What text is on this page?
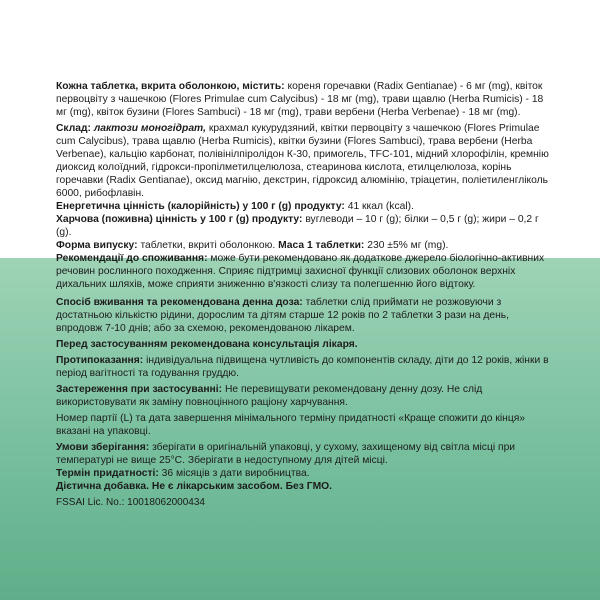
Кожна таблетка, вкрита оболонкою, містить: кореня горечавки (Radix Gentianae) - 6 мг (mg), квіток первоцвіту з чашечкою (Flores Primulae cum Calycibus) - 18 мг (mg), трави щавлю (Herba Rumicis) - 18 мг (mg), квіток бузини (Flores Sambuci) - 18 мг (mg), трави вербени (Herba Verbenae) - 18 мг (mg).

Склад: лактози моногідрат, крахмал кукурудзяний, квітки первоцвіту з чашечкою (Flores Primulae cum Calycibus), трава щавлю (Herba Rumicis), квітки бузини (Flores Sambuci), трава вербени (Herba Verbenae), кальцію карбонат, полівінілпіролідон К-30, примогель, TFC-101, мідний хлорофілін, кремнію диоксид колоїдний, гідрокси-пропілметилцелюлоза, стеаринова кислота, етилцелюлоза, корінь горечавки (Radix Gentianae), оксид магнію, декстрин, гідроксид алюмінію, тріацетин, поліетиленгліколь 6000, рибофлавін.

Енергетична цінність (калорійність) у 100 г (g) продукту: 41 ккал (kcal).

Харчова (поживна) цінність у 100 г (g) продукту: вуглеводи – 10 г (g); білки – 0,5 г (g); жири – 0,2 г (g).

Форма випуску: таблетки, вкриті оболонкою. Маса 1 таблетки: 230 ±5% мг (mg).

Рекомендації до споживання: може бути рекомендовано як додаткове джерело біологічно-активних речовин рослинного походження. Сприяє підтримці захисної функції слизових оболонок верхніх дихальних шляхів, може сприяти зниженню в'язкості слизу та полегшенню його відтоку.

Спосіб вживання та рекомендована денна доза: таблетки слід приймати не розжовуючи з достатньою кількістю рідини, дорослим та дітям старше 12 років по 2 таблетки 3 рази на день, впродовж 7-10 днів; або за схемою, рекомендованою лікарем.

Перед застосуванням рекомендована консультація лікаря.

Протипоказання: індивідуальна підвищена чутливість до компонентів складу, діти до 12 років, жінки в період вагітності та годування груддю.

Застереження при застосуванні: Не перевищувати рекомендовану денну дозу. Не слід використовувати як заміну повноцінного раціону харчування.

Номер партії (L) та дата завершення мінімального терміну придатності «Краще спожити до кінця» вказані на упаковці.

Умови зберігання: зберігати в оригінальній упаковці, у сухому, захищеному від світла місці при температурі не вище 25°C. Зберігати в недоступному для дітей місці.

Термін придатності: 36 місяців з дати виробництва.

Дієтична добавка. Не є лікарським засобом. Без ГМО.

FSSAI Lic. No.: 10018062000434
